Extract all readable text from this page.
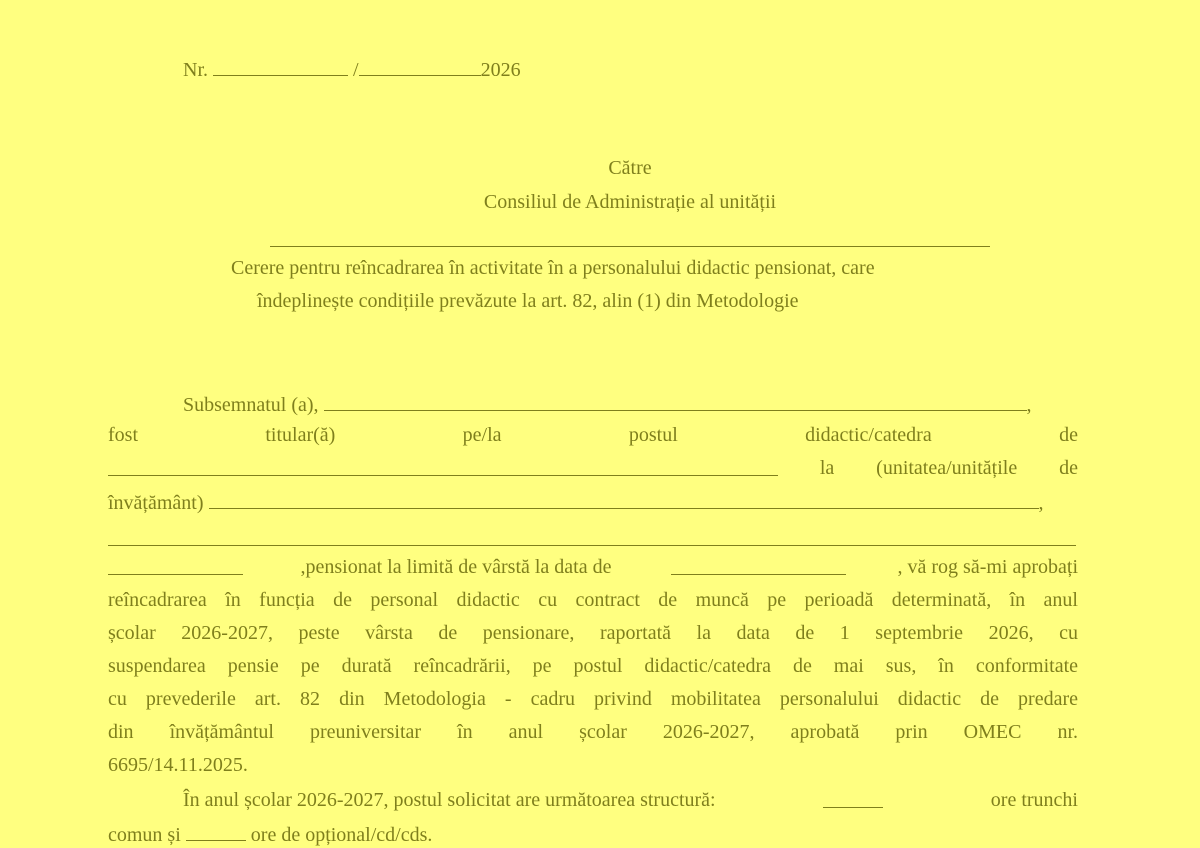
Nr.	/	2026
Către
Consiliul de Administrație al unității
Cerere pentru reîncadrarea în activitate în a personalului didactic pensionat, care
îndeplinește condițiile prevăzute la art. 82, alin (1) din Metodologie
Subsemnatul (a),	,
fost	titular(ă)	pe/la	postul	didactic/catedra	de
la (unitatea/unitățile de
învățământ)	,
,pensionat la limită de vârstă la data de	, vă rog să-mi aprobați
reîncadrarea în funcția de personal didactic cu contract de muncă pe perioadă determinată, în anul
școlar 2026-2027, peste vârsta de pensionare, raportată la data de 1 septembrie 2026, cu
suspendarea pensie pe durată reîncadrării, pe postul didactic/catedra de mai sus, în conformitate
cu prevederile art. 82 din Metodologia - cadru privind mobilitatea personalului didactic de predare
din învățământul preuniversitar în anul școlar 2026-2027, aprobată prin OMEC nr.
6695/14.11.2025.
În anul școlar 2026-2027, postul solicitat are următoarea structură:	ore trunchi
comun și	ore de opțional/cd/cds.
